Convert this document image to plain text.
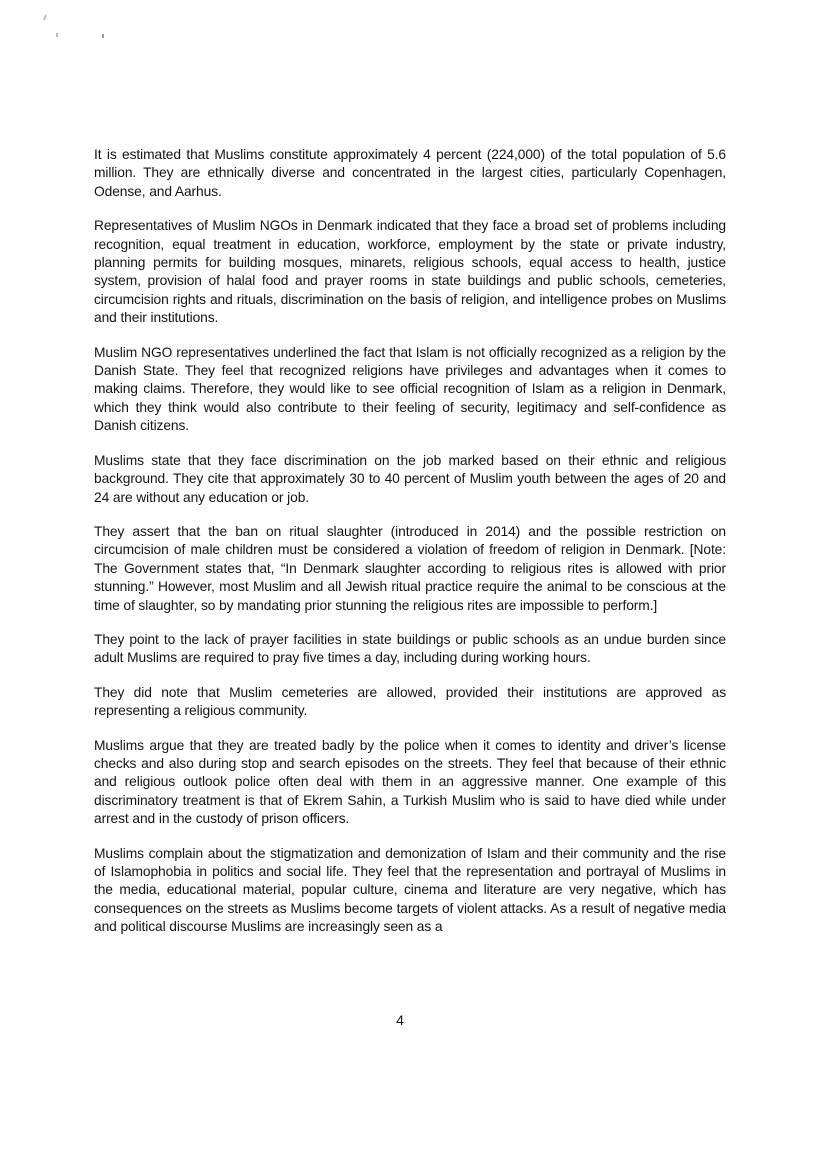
It is estimated that Muslims constitute approximately 4 percent (224,000) of the total population of 5.6 million. They are ethnically diverse and concentrated in the largest cities, particularly Copenhagen, Odense, and Aarhus.

Representatives of Muslim NGOs in Denmark indicated that they face a broad set of problems including recognition, equal treatment in education, workforce, employment by the state or private industry, planning permits for building mosques, minarets, religious schools, equal access to health, justice system, provision of halal food and prayer rooms in state buildings and public schools, cemeteries, circumcision rights and rituals, discrimination on the basis of religion, and intelligence probes on Muslims and their institutions.

Muslim NGO representatives underlined the fact that Islam is not officially recognized as a religion by the Danish State. They feel that recognized religions have privileges and advantages when it comes to making claims. Therefore, they would like to see official recognition of Islam as a religion in Denmark, which they think would also contribute to their feeling of security, legitimacy and self-confidence as Danish citizens.

Muslims state that they face discrimination on the job marked based on their ethnic and religious background. They cite that approximately 30 to 40 percent of Muslim youth between the ages of 20 and 24 are without any education or job.

They assert that the ban on ritual slaughter (introduced in 2014) and the possible restriction on circumcision of male children must be considered a violation of freedom of religion in Denmark. [Note: The Government states that, “In Denmark slaughter according to religious rites is allowed with prior stunning.” However, most Muslim and all Jewish ritual practice require the animal to be conscious at the time of slaughter, so by mandating prior stunning the religious rites are impossible to perform.]

They point to the lack of prayer facilities in state buildings or public schools as an undue burden since adult Muslims are required to pray five times a day, including during working hours.

They did note that Muslim cemeteries are allowed, provided their institutions are approved as representing a religious community.

Muslims argue that they are treated badly by the police when it comes to identity and driver’s license checks and also during stop and search episodes on the streets. They feel that because of their ethnic and religious outlook police often deal with them in an aggressive manner. One example of this discriminatory treatment is that of Ekrem Sahin, a Turkish Muslim who is said to have died while under arrest and in the custody of prison officers.

Muslims complain about the stigmatization and demonization of Islam and their community and the rise of Islamophobia in politics and social life. They feel that the representation and portrayal of Muslims in the media, educational material, popular culture, cinema and literature are very negative, which has consequences on the streets as Muslims become targets of violent attacks. As a result of negative media and political discourse Muslims are increasingly seen as a

4
